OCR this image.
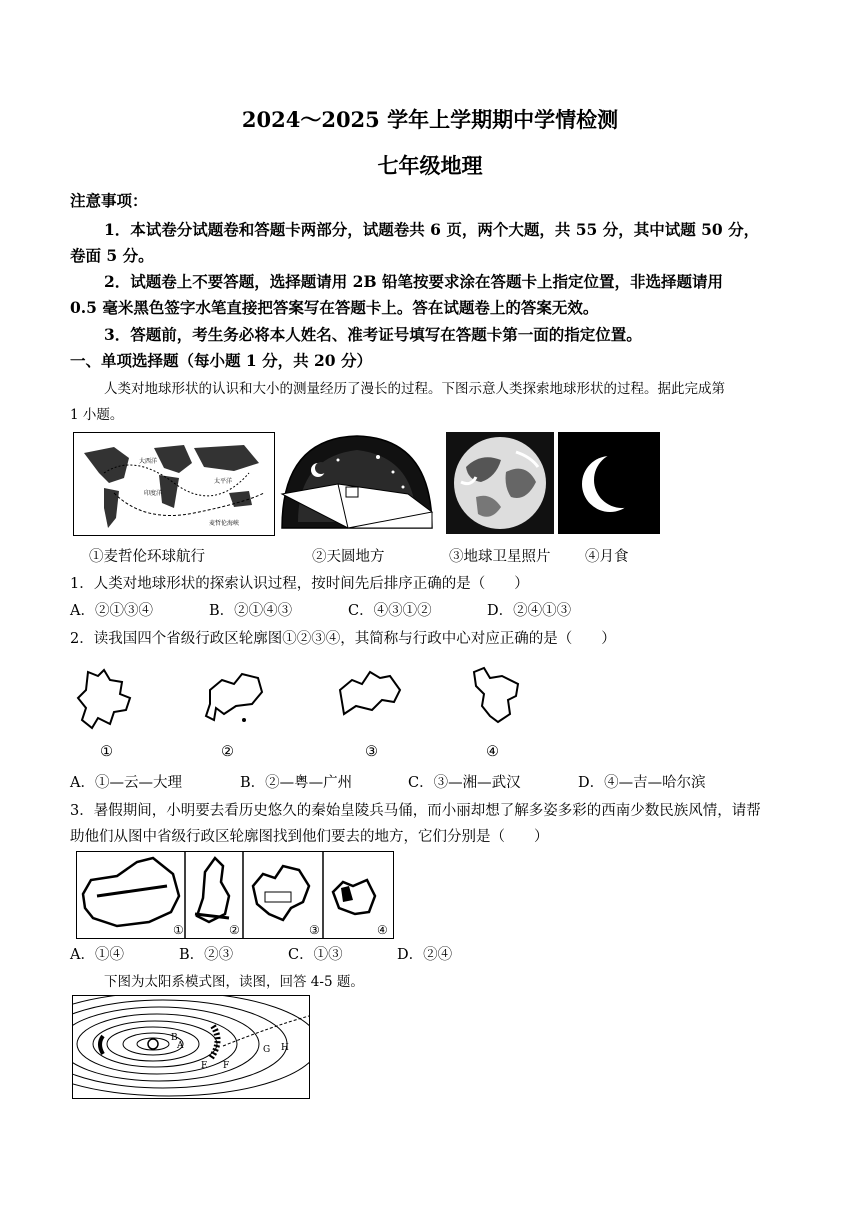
2024～2025 学年上学期期中学情检测
七年级地理
注意事项：
1．本试卷分试题卷和答题卡两部分，试题卷共 6 页，两个大题，共 55 分，其中试题 50 分，
卷面 5 分。
2．试题卷上不要答题，选择题请用 2B 铅笔按要求涂在答题卡上指定位置，非选择题请用
0.5 毫米黑色签字水笔直接把答案写在答题卡上。答在试题卷上的答案无效。
3．答题前，考生务必将本人姓名、准考证号填写在答题卡第一面的指定位置。
一、单项选择题（每小题 1 分，共 20 分）
人类对地球形状的认识和大小的测量经历了漫长的过程。下图示意人类探索地球形状的过程。据此完成第
1 小题。
大西洋
印度洋
太平洋
麦哲伦海峡
①麦哲伦环球航行	②天圆地方	③地球卫星照片 ④月食
1．人类对地球形状的探索认识过程，按时间先后排序正确的是（　　）
A．②①③④	B．②①④③	C．④③①②	D．②④①③
2．读我国四个省级行政区轮廓图①②③④，其简称与行政中心对应正确的是（　　）
①	②	③	④
A．①—云—大理	B．②—粤—广州	C．③—湘—武汉	D．④—吉—哈尔滨
3．暑假期间，小明要去看历史悠久的秦始皇陵兵马俑，而小丽却想了解多姿多彩的西南少数民族风情，请帮
助他们从图中省级行政区轮廓图找到他们要去的地方，它们分别是（　　）
①	②	③	④
A．①④	B．②③	C．①③	D．②④
下图为太阳系模式图，读图，回答 4-5 题。
A
B
E F
G H
